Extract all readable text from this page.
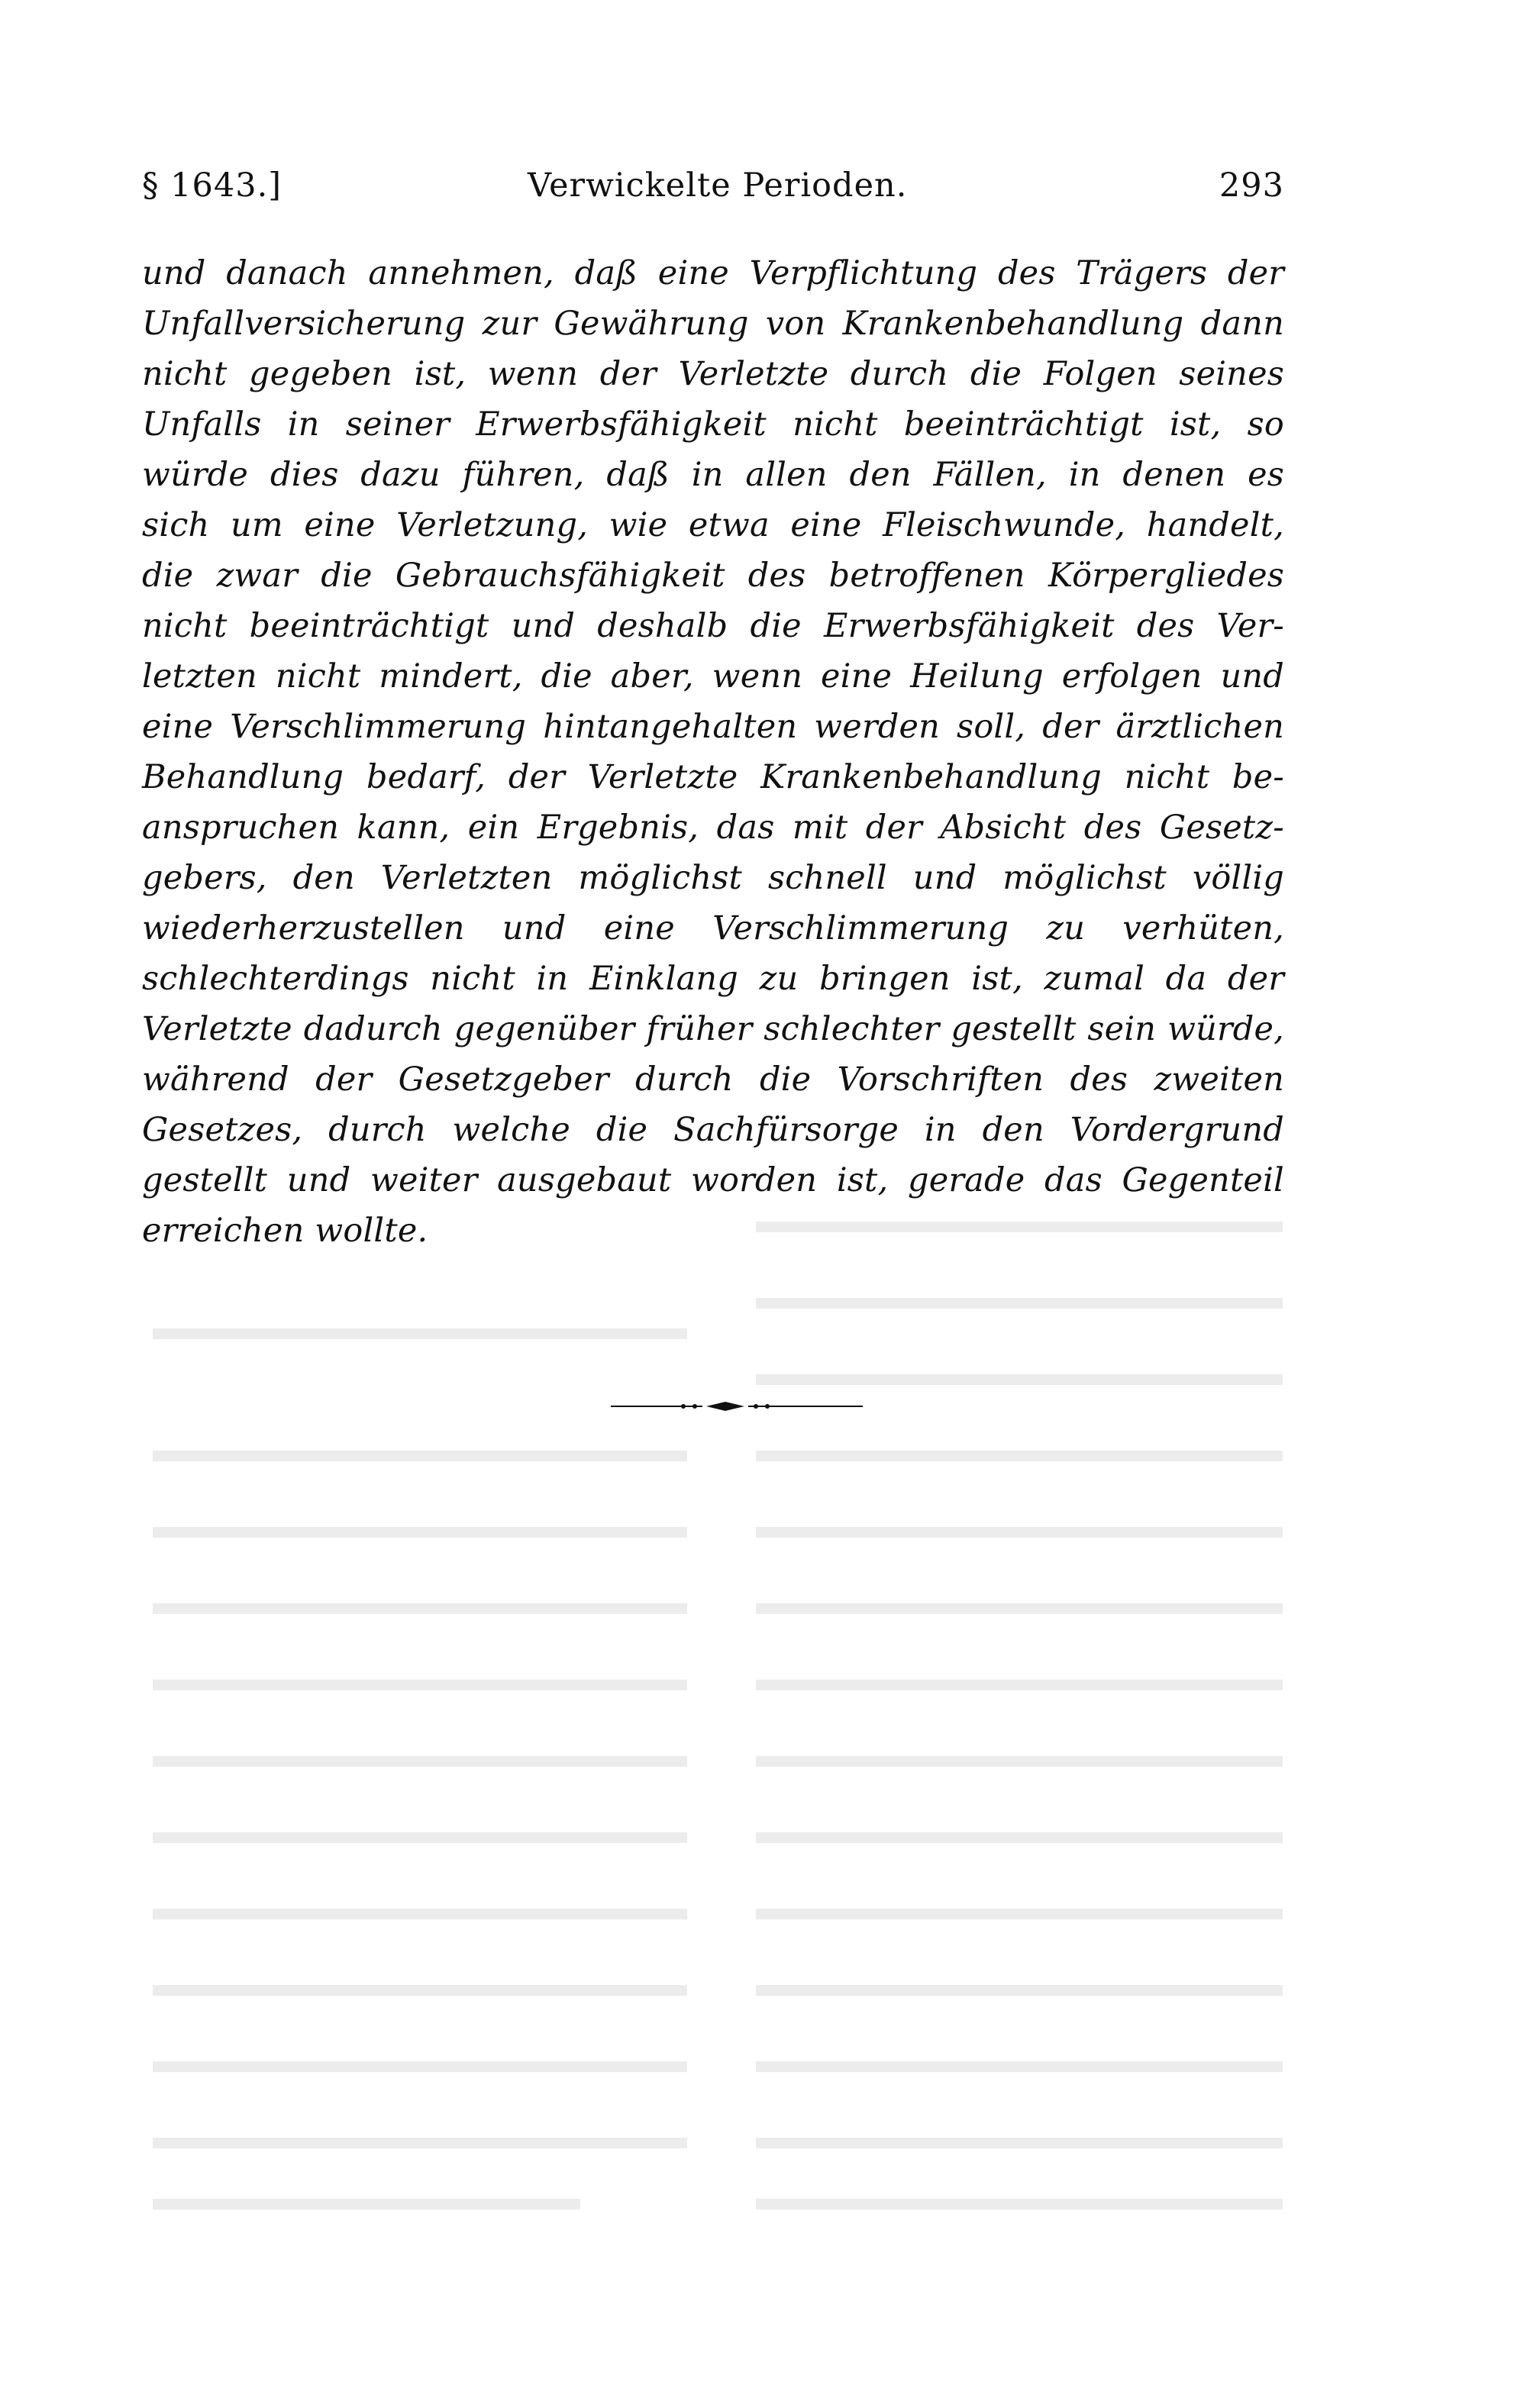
§ 1643.]	Verwickelte Perioden.	293
und danach annehmen, daß eine Verpflichtung des Trägers der
Unfallversicherung zur Gewährung von Krankenbehandlung dann
nicht gegeben ist, wenn der Verletzte durch die Folgen seines
Unfalls in seiner Erwerbsfähigkeit nicht beeinträchtigt ist, so
würde dies dazu führen, daß in allen den Fällen, in denen es
sich um eine Verletzung, wie etwa eine Fleischwunde, handelt,
die zwar die Gebrauchsfähigkeit des betroffenen Körpergliedes
nicht beeinträchtigt und deshalb die Erwerbsfähigkeit des Ver-
letzten nicht mindert, die aber, wenn eine Heilung erfolgen und
eine Verschlimmerung hintangehalten werden soll, der ärztlichen
Behandlung bedarf, der Verletzte Krankenbehandlung nicht be-
anspruchen kann, ein Ergebnis, das mit der Absicht des Gesetz-
gebers, den Verletzten möglichst schnell und möglichst völlig
wiederherzustellen und eine Verschlimmerung zu verhüten,
schlechterdings nicht in Einklang zu bringen ist, zumal da der
Verletzte dadurch gegenüber früher schlechter gestellt sein würde,
während der Gesetzgeber durch die Vorschriften des zweiten
Gesetzes, durch welche die Sachfürsorge in den Vordergrund
gestellt und weiter ausgebaut worden ist, gerade das Gegenteil
erreichen wollte.
